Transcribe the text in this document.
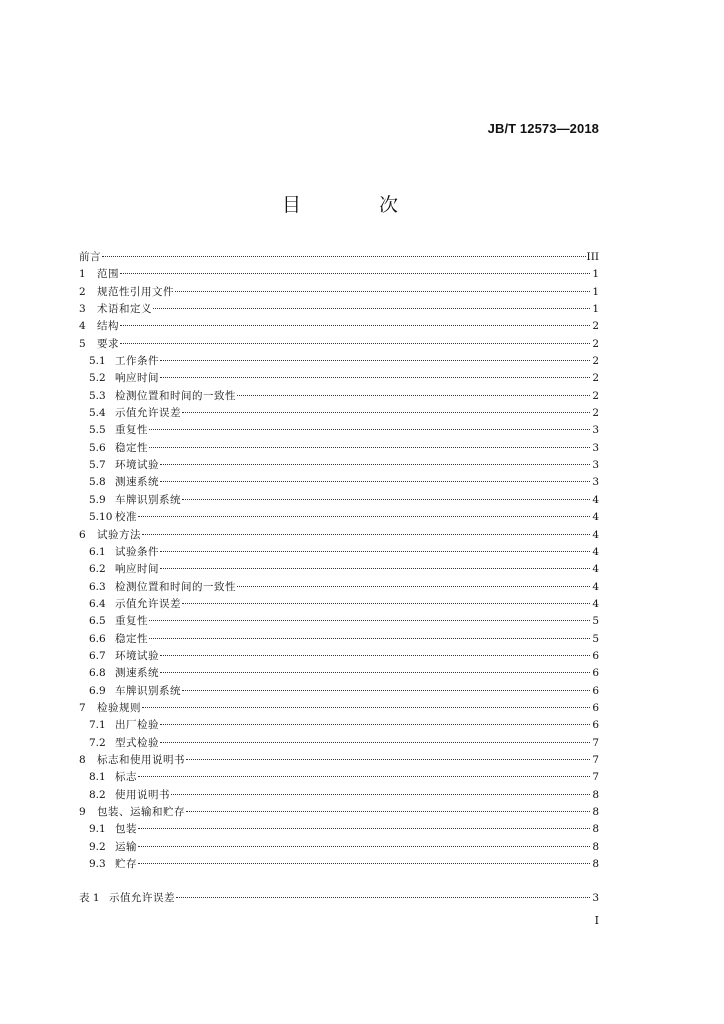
JB/T 12573—2018
目 次
前言	III
1	范围	1
2	规范性引用文件	1
3	术语和定义	1
4	结构	2
5	要求	2
5.1 工作条件	2
5.2 响应时间	2
5.3 检测位置和时间的一致性	2
5.4 示值允许误差	2
5.5 重复性	3
5.6 稳定性	3
5.7 环境试验	3
5.8 测速系统	3
5.9 车牌识别系统	4
5.10 校准	4
6	试验方法	4
6.1 试验条件	4
6.2 响应时间	4
6.3 检测位置和时间的一致性	4
6.4 示值允许误差	4
6.5 重复性	5
6.6 稳定性	5
6.7 环境试验	6
6.8 测速系统	6
6.9 车牌识别系统	6
7	检验规则	6
7.1 出厂检验	6
7.2 型式检验	7
8	标志和使用说明书	7
8.1 标志	7
8.2 使用说明书	8
9	包装、运输和贮存	8
9.1 包装	8
9.2 运输	8
9.3 贮存	8
表 1 示值允许误差	3
I
